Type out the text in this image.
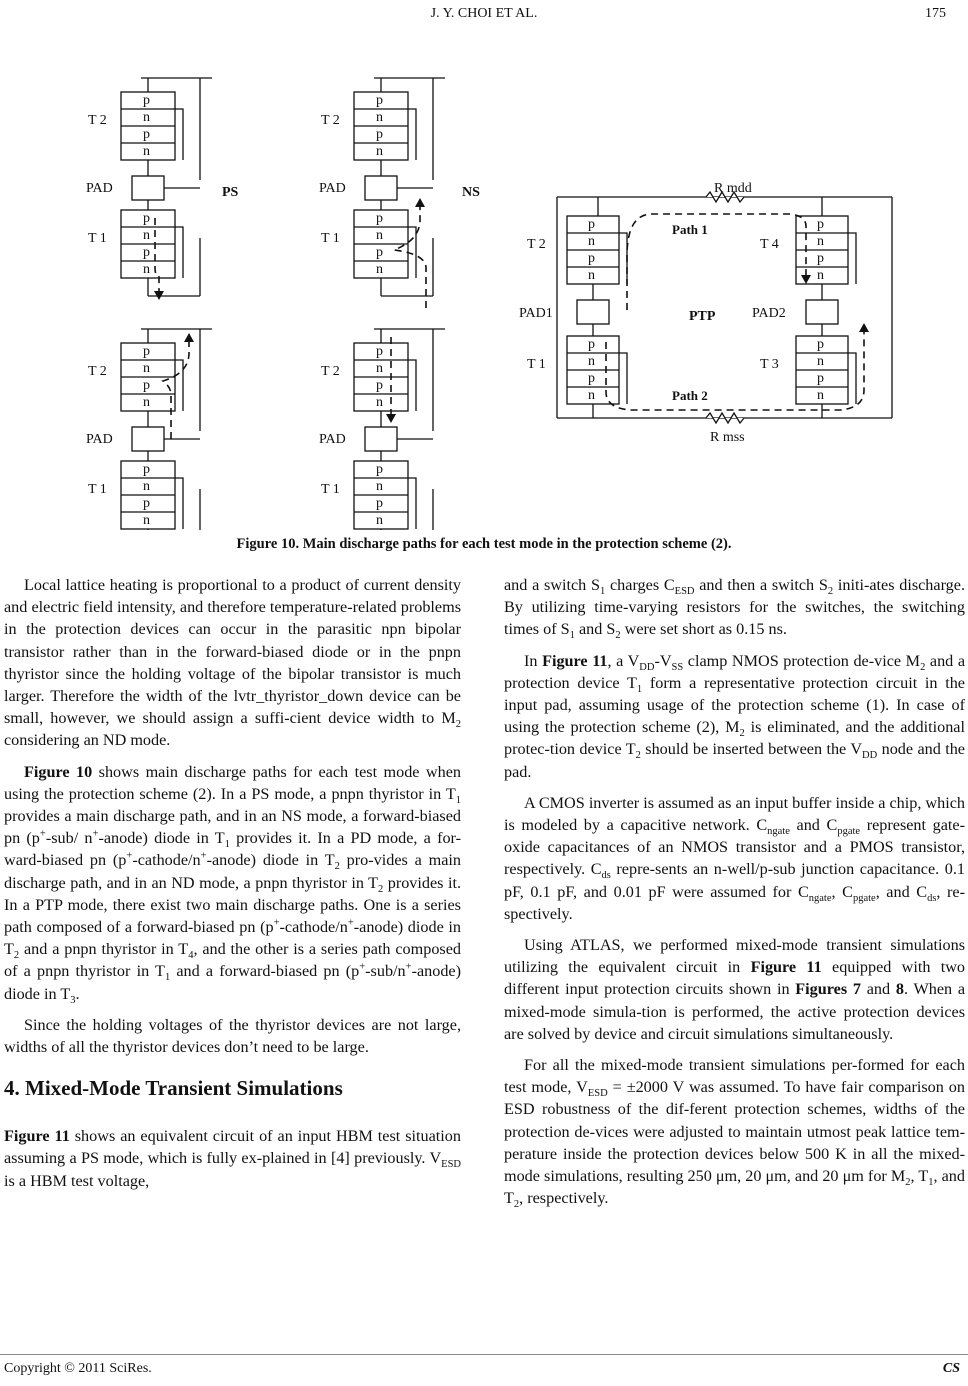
J. Y. CHOI ET AL.	175
p
n
p
n
p
n
p
n
T 2
T 1
PAD	PS
p
n
p
n
p
n
p
n
T 2
T 1
PAD	NS
p
n
p
n
p
n
p
n
T 2
T 1
PAD
p
n
p
n
p
n
p
n
T 2
T 1
PAD
R mdd
R mss
p
n
p
n
p
n
p
n
p
n
p
n
p
n
p
n
T 2
T 1
T 4
T 3
PAD1	PAD2
PTP
Path 1
Path 2
Figure 10. Main discharge paths for each test mode in the protection scheme (2).

Local lattice heating is proportional to a product of current density and electric field intensity, and therefore temperature-related problems in the protection devices can occur in the parasitic npn bipolar transistor rather than in the forward-biased diode or in the pnpn thyristor since the holding voltage of the bipolar transistor is much larger. Therefore the width of the lvtr_thyristor_down device can be small, however, we should assign a suffi-cient device width to $M_2$ considering an ND mode.

Figure 10 shows main discharge paths for each test mode when using the protection scheme (2). In a PS mode, a pnpn thyristor in $T_1$ provides a main discharge path, and in an NS mode, a forward-biased pn (p+-sub/ n+-anode) diode in $T_1$ provides it. In a PD mode, a for-ward-biased pn (p+-cathode/n+-anode) diode in $T_2$ pro-vides a main discharge path, and in an ND mode, a pnpn thyristor in $T_2$ provides it. In a PTP mode, there exist two main discharge paths. One is a series path composed of a forward-biased pn (p+-cathode/n+-anode) diode in $T_2$ and a pnpn thyristor in $T_4$, and the other is a series path composed of a pnpn thyristor in $T_1$ and a forward-biased pn (p+-sub/n+-anode) diode in $T_3$.

Since the holding voltages of the thyristor devices are not large, widths of all the thyristor devices don’t need to be large.

4. Mixed-Mode Transient Simulations

Figure 11 shows an equivalent circuit of an input HBM test situation assuming a PS mode, which is fully ex-plained in [4] previously. $V_{ESD}$ is a HBM test voltage,

and a switch $S_1$ charges $C_{ESD}$ and then a switch $S_2$ initi-ates discharge. By utilizing time-varying resistors for the switches, the switching times of $S_1$ and $S_2$ were set short as 0.15 ns.

In Figure 11, a $V_{DD}-V_{SS}$ clamp NMOS protection de-vice $M_2$ and a protection device $T_1$ form a representative protection circuit in the input pad, assuming usage of the protection scheme (1). In case of using the protection scheme (2), $M_2$ is eliminated, and the additional protec-tion device $T_2$ should be inserted between the $V_{DD}$ node and the pad.

A CMOS inverter is assumed as an input buffer inside a chip, which is modeled by a capacitive network. $C_{ngate}$ and $C_{pgate}$ represent gate-oxide capacitances of an NMOS transistor and a PMOS transistor, respectively. $C_{ds}$ repre-sents an n-well/p-sub junction capacitance. 0.1 pF, 0.1 pF, and 0.01 pF were assumed for $C_{ngate}$, $C_{pgate}$, and $C_{ds}$, re-spectively.

Using ATLAS, we performed mixed-mode transient simulations utilizing the equivalent circuit in Figure 11 equipped with two different input protection circuits shown in Figures 7 and 8. When a mixed-mode simula-tion is performed, the active protection devices are solved by device and circuit simulations simultaneously.

For all the mixed-mode transient simulations per-formed for each test mode, $V_{ESD} = \pm 2000$ V was assumed. To have fair comparison on ESD robustness of the dif-ferent protection schemes, widths of the protection de-vices were adjusted to maintain utmost peak lattice tem-perature inside the protection devices below 500 K in all the mixed-mode simulations, resulting 250 μm, 20 μm, and 20 μm for $M_2$, $T_1$, and $T_2$, respectively.

Copyright © 2011 SciRes.	CS
